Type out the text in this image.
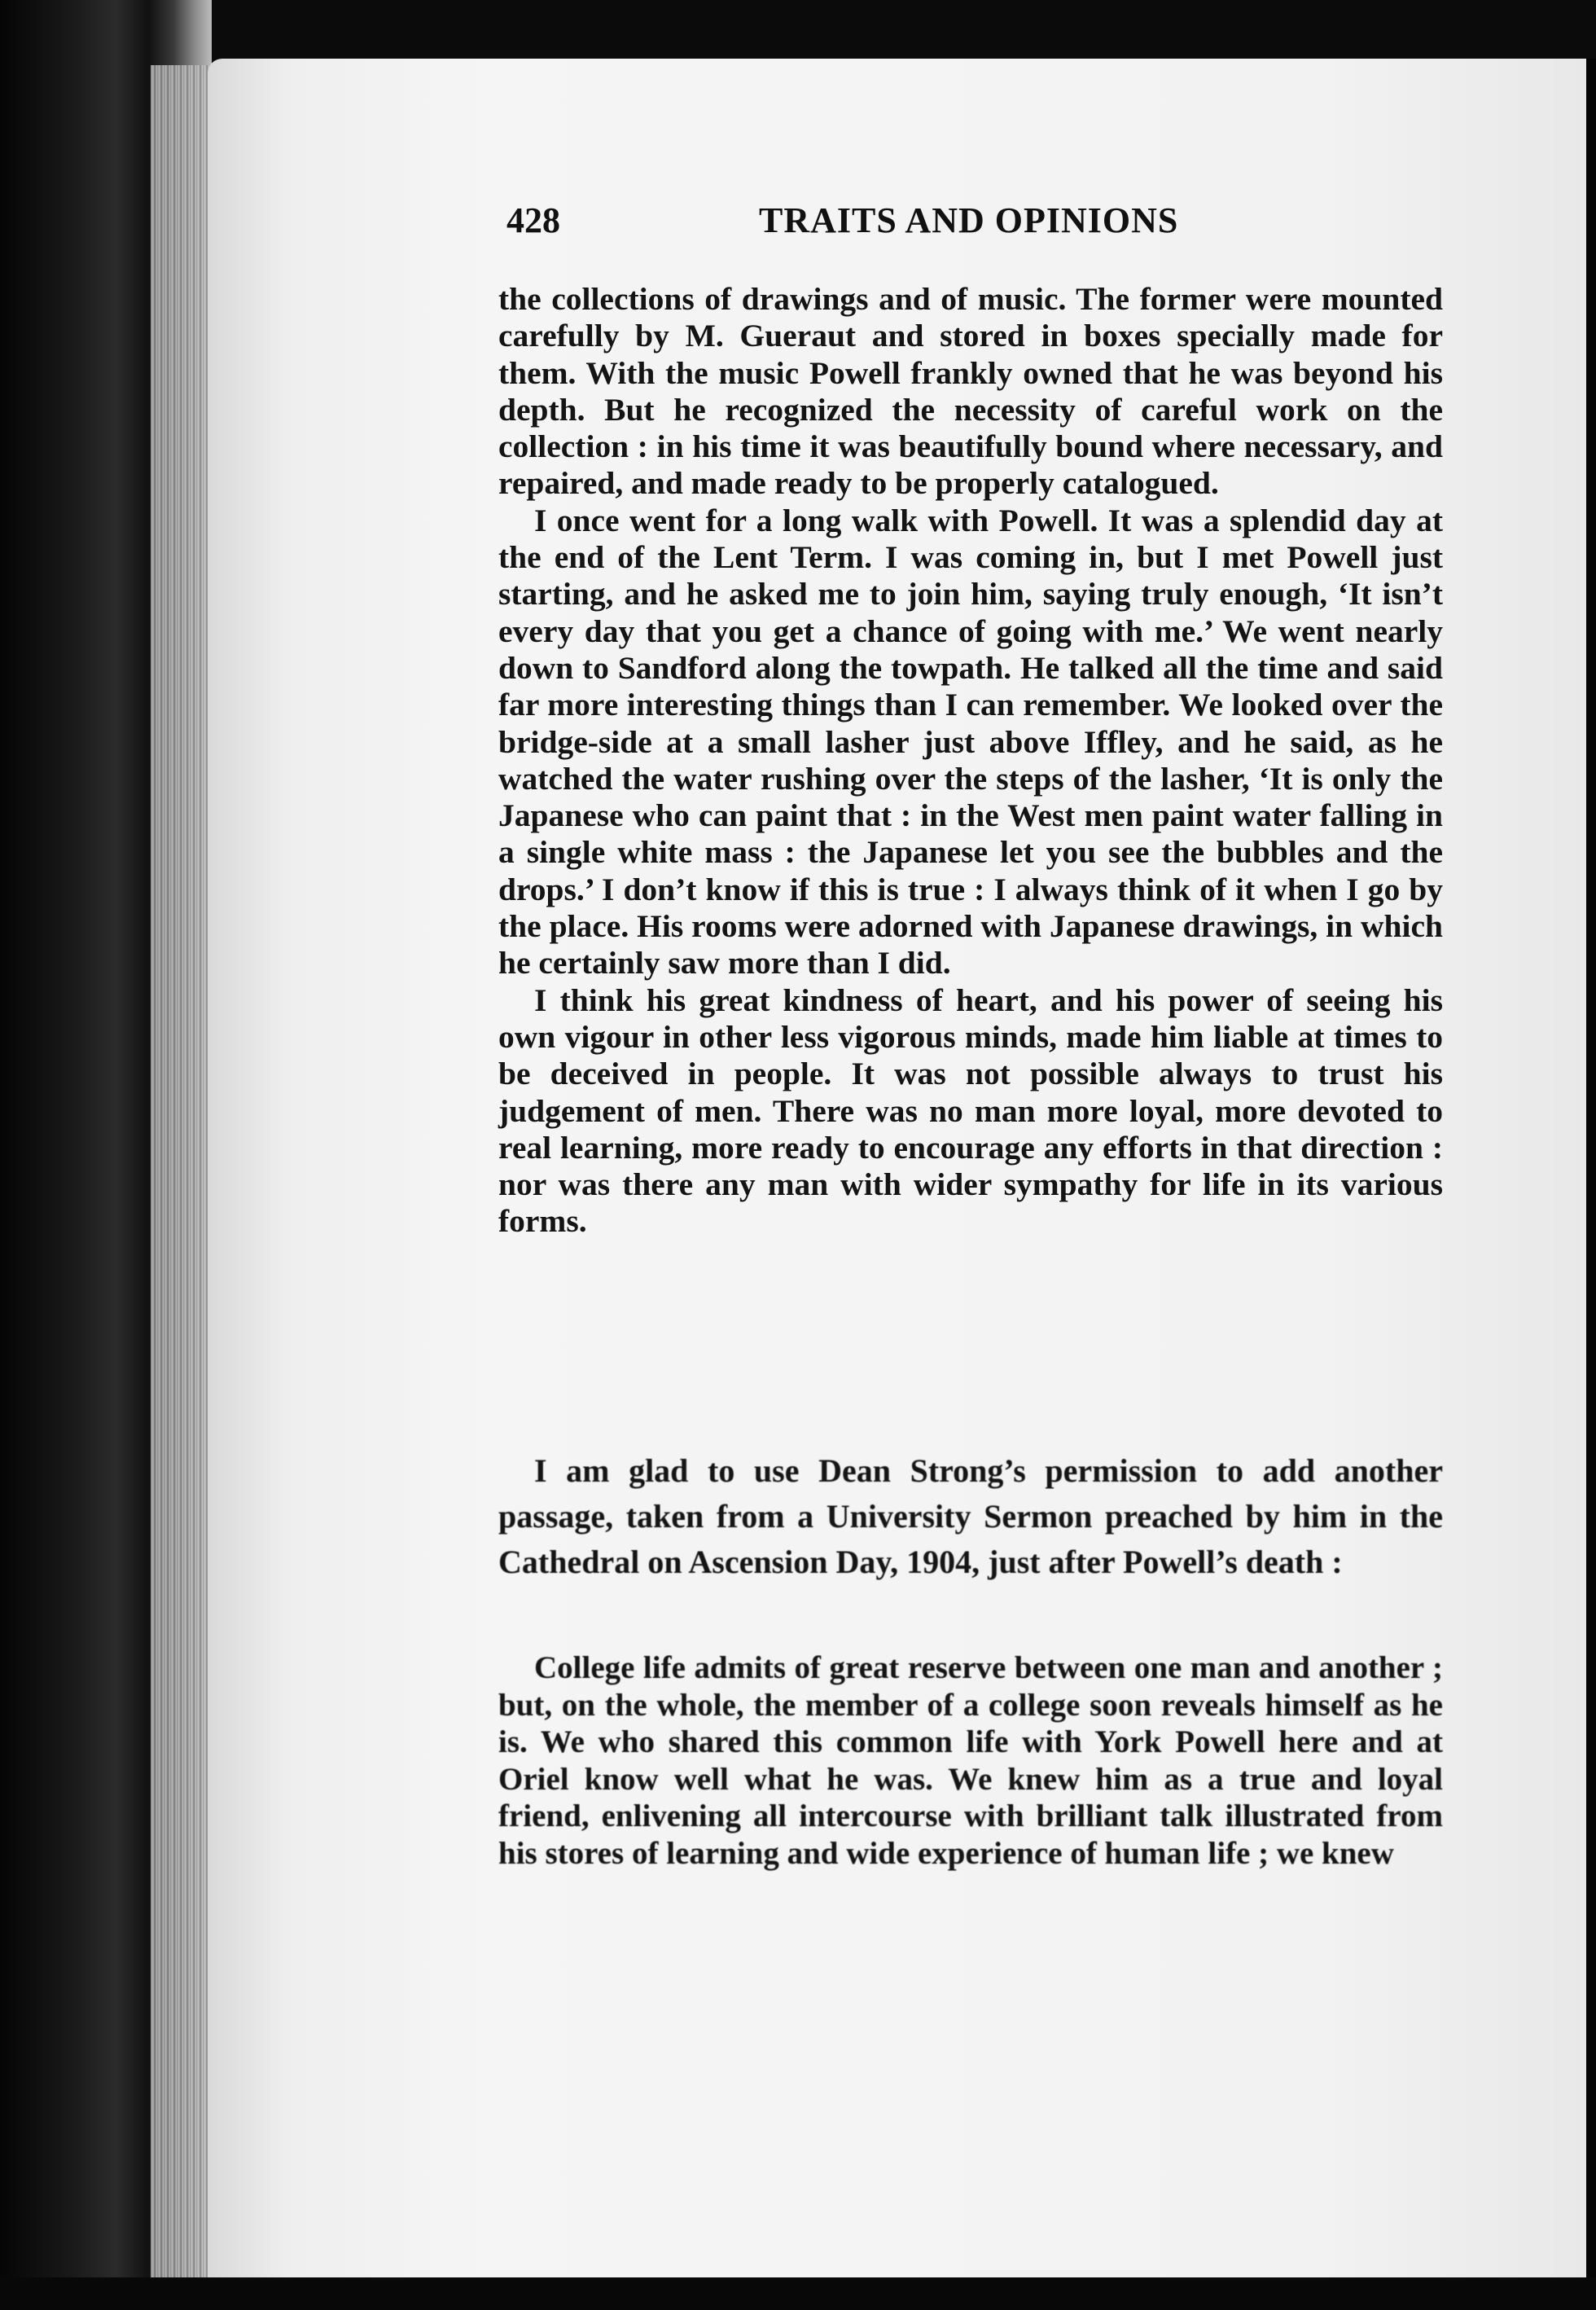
428	TRAITS AND OPINIONS

the collections of drawings and of music. The former were mounted carefully by M. Gueraut and stored in boxes specially made for them. With the music Powell frankly owned that he was beyond his depth. But he recognized the necessity of careful work on the collection : in his time it was beautifully bound where necessary, and repaired, and made ready to be properly catalogued.

I once went for a long walk with Powell. It was a splendid day at the end of the Lent Term. I was coming in, but I met Powell just starting, and he asked me to join him, saying truly enough, ‘It isn’t every day that you get a chance of going with me.’ We went nearly down to Sandford along the towpath. He talked all the time and said far more interesting things than I can remember. We looked over the bridge-side at a small lasher just above Iffley, and he said, as he watched the water rushing over the steps of the lasher, ‘It is only the Japanese who can paint that : in the West men paint water falling in a single white mass : the Japanese let you see the bubbles and the drops.’ I don’t know if this is true : I always think of it when I go by the place. His rooms were adorned with Japanese drawings, in which he certainly saw more than I did.

I think his great kindness of heart, and his power of seeing his own vigour in other less vigorous minds, made him liable at times to be deceived in people. It was not possible always to trust his judgement of men. There was no man more loyal, more devoted to real learning, more ready to encourage any efforts in that direction : nor was there any man with wider sympathy for life in its various forms.

I am glad to use Dean Strong’s permission to add another passage, taken from a University Sermon preached by him in the Cathedral on Ascension Day, 1904, just after Powell’s death :

College life admits of great reserve between one man and another ; but, on the whole, the member of a college soon reveals himself as he is. We who shared this common life with York Powell here and at Oriel know well what he was. We knew him as a true and loyal friend, enlivening all intercourse with brilliant talk illustrated from his stores of learning and wide experience of human life ; we knew
